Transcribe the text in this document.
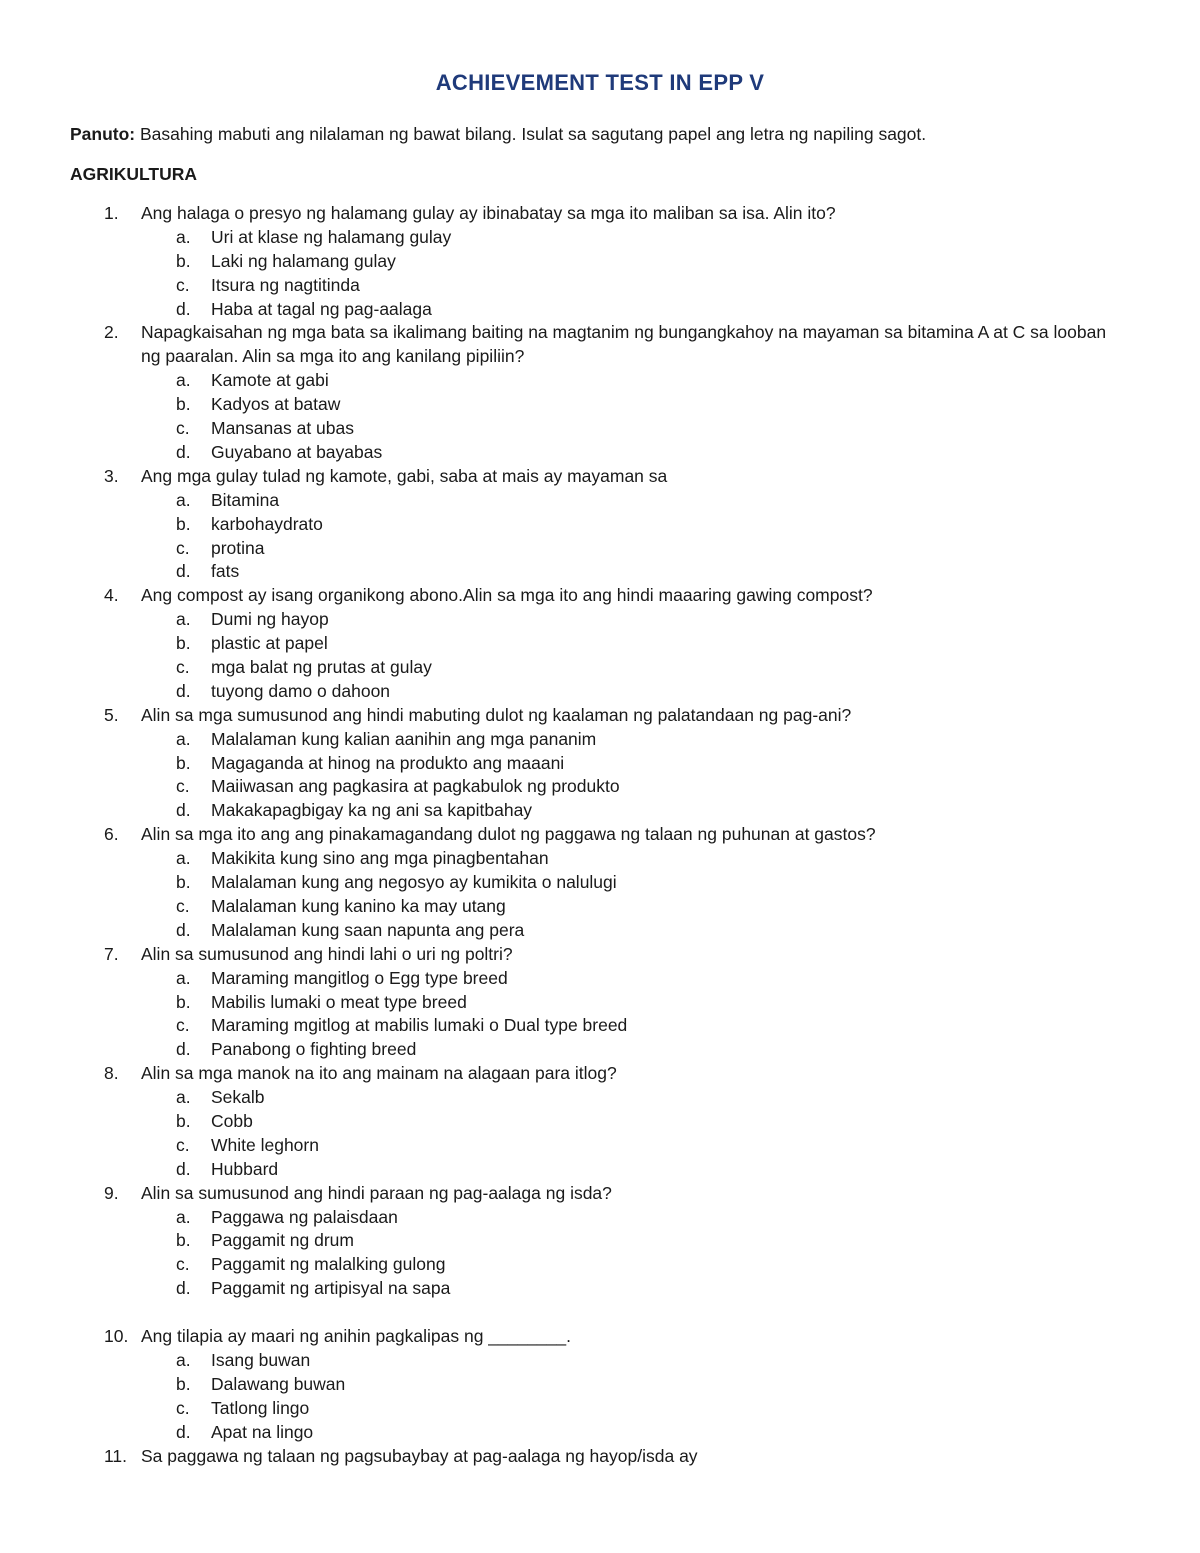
ACHIEVEMENT TEST IN EPP V
Panuto: Basahing mabuti ang nilalaman ng bawat bilang. Isulat sa sagutang papel ang letra ng napiling sagot.
AGRIKULTURA
1. Ang halaga o presyo ng halamang gulay ay ibinabatay sa mga ito maliban sa isa. Alin ito?
a. Uri at klase ng halamang gulay
b. Laki ng halamang gulay
c. Itsura ng nagtitinda
d. Haba at tagal ng pag-aalaga
2. Napagkaisahan ng mga bata sa ikalimang baiting na magtanim ng bungangkahoy na mayaman sa bitamina A at C sa looban ng paaralan. Alin sa mga ito ang kanilang pipiliin?
a. Kamote at gabi
b. Kadyos at bataw
c. Mansanas at ubas
d. Guyabano at bayabas
3. Ang mga gulay tulad ng kamote, gabi, saba at mais ay mayaman sa
a. Bitamina
b. karbohaydrato
c. protina
d. fats
4. Ang compost ay isang organikong abono.Alin sa mga ito ang hindi maaaring gawing compost?
a. Dumi ng hayop
b. plastic at papel
c. mga balat ng prutas at gulay
d. tuyong damo o dahoon
5. Alin sa mga sumusunod ang hindi mabuting dulot ng kaalaman ng palatandaan ng pag-ani?
a. Malalaman kung kalian aanihin ang mga pananim
b. Magaganda at hinog na produkto ang maaani
c. Maiiwasan ang pagkasira at pagkabulok ng produkto
d. Makakapagbigay ka ng ani sa kapitbahay
6. Alin sa mga ito ang ang pinakamagandang dulot ng paggawa ng talaan ng puhunan at gastos?
a. Makikita kung sino ang mga pinagbentahan
b. Malalaman kung ang negosyo ay kumikita o nalulugi
c. Malalaman kung kanino ka may utang
d. Malalaman kung saan napunta ang pera
7. Alin sa sumusunod ang hindi lahi o uri ng poltri?
a. Maraming mangitlog o Egg type breed
b. Mabilis lumaki o meat type breed
c. Maraming mgitlog at mabilis lumaki o Dual type breed
d. Panabong o fighting breed
8. Alin sa mga manok na ito ang mainam na alagaan para itlog?
a. Sekalb
b. Cobb
c. White leghorn
d. Hubbard
9. Alin sa sumusunod ang hindi paraan ng pag-aalaga ng isda?
a. Paggawa ng palaisdaan
b. Paggamit ng drum
c. Paggamit ng malalking gulong
d. Paggamit ng artipisyal na sapa
10. Ang tilapia ay maari ng anihin pagkalipas ng ________.
a. Isang buwan
b. Dalawang buwan
c. Tatlong lingo
d. Apat na lingo
11. Sa paggawa ng talaan ng pagsubaybay at pag-aalaga ng hayop/isda ay
